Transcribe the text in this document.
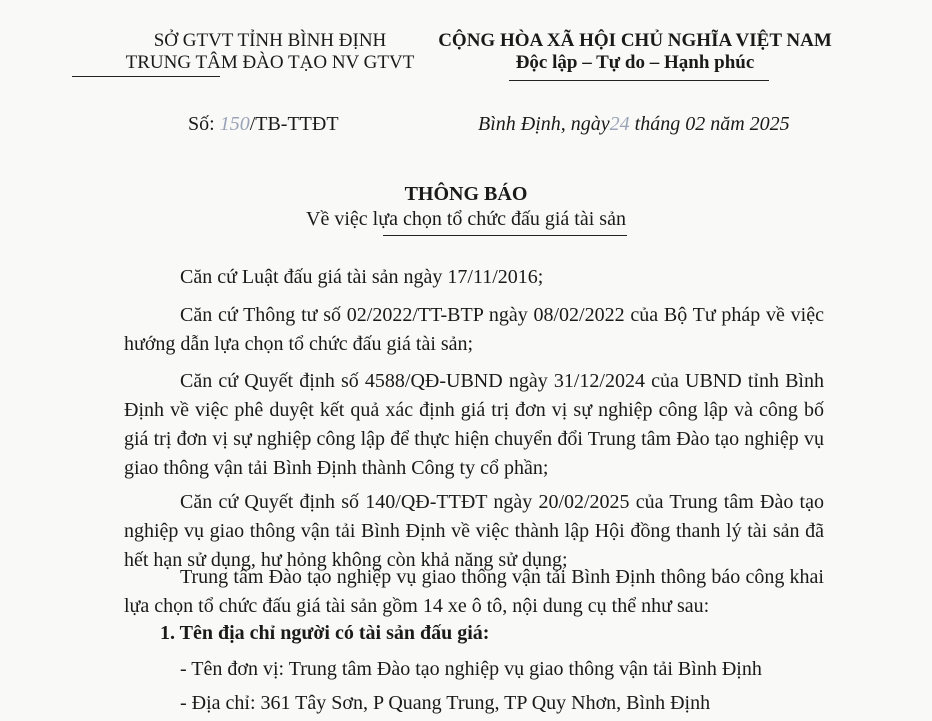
SỞ GTVT TỈNH BÌNH ĐỊNH
TRUNG TÂM ĐÀO TẠO NV GTVT
CỘNG HÒA XÃ HỘI CHỦ NGHĨA VIỆT NAM
Độc lập – Tự do – Hạnh phúc
Số: 150/TB-TTĐT	Bình Định, ngày24 tháng 02 năm 2025
THÔNG BÁO
Về việc lựa chọn tổ chức đấu giá tài sản

Căn cứ Luật đấu giá tài sản ngày 17/11/2016;

Căn cứ Thông tư số 02/2022/TT-BTP ngày 08/02/2022 của Bộ Tư pháp về việc hướng dẫn lựa chọn tổ chức đấu giá tài sản;

Căn cứ Quyết định số 4588/QĐ-UBND ngày 31/12/2024 của UBND tỉnh Bình Định về việc phê duyệt kết quả xác định giá trị đơn vị sự nghiệp công lập và công bố giá trị đơn vị sự nghiệp công lập để thực hiện chuyển đổi Trung tâm Đào tạo nghiệp vụ giao thông vận tải Bình Định thành Công ty cổ phần;

Căn cứ Quyết định số 140/QĐ-TTĐT ngày 20/02/2025 của Trung tâm Đào tạo nghiệp vụ giao thông vận tải Bình Định về việc thành lập Hội đồng thanh lý tài sản đã hết hạn sử dụng, hư hỏng không còn khả năng sử dụng;

Trung tâm Đào tạo nghiệp vụ giao thông vận tải Bình Định thông báo công khai lựa chọn tổ chức đấu giá tài sản gồm 14 xe ô tô, nội dung cụ thể như sau:

1. Tên địa chỉ người có tài sản đấu giá:
- Tên đơn vị: Trung tâm Đào tạo nghiệp vụ giao thông vận tải Bình Định
- Địa chỉ: 361 Tây Sơn, P Quang Trung, TP Quy Nhơn, Bình Định
